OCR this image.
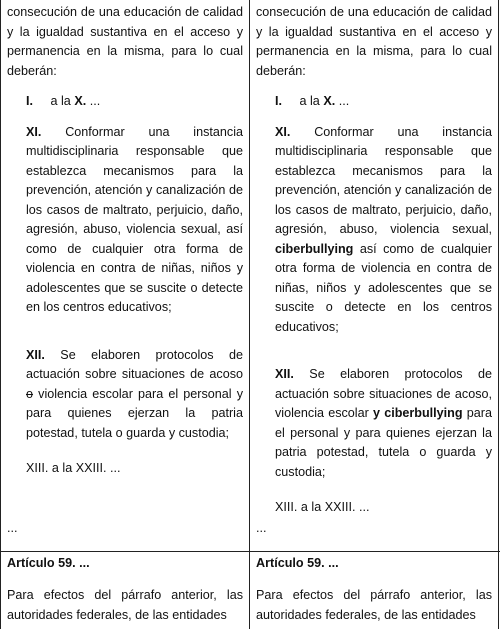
consecución de una educación de calidad y la igualdad sustantiva en el acceso y permanencia en la misma, para lo cual deberán:

I. a la X. ...

XI. Conformar una instancia multidisciplinaria responsable que establezca mecanismos para la prevención, atención y canalización de los casos de maltrato, perjuicio, daño, agresión, abuso, violencia sexual, así como de cualquier otra forma de violencia en contra de niñas, niños y adolescentes que se suscite o detecte en los centros educativos;

XII. Se elaboren protocolos de actuación sobre situaciones de acoso o violencia escolar para el personal y para quienes ejerzan la patria potestad, tutela o guarda y custodia;

XIII. a la XXIII. ...

...
Artículo 59. ...

Para efectos del párrafo anterior, las autoridades federales, de las entidades

consecución de una educación de calidad y la igualdad sustantiva en el acceso y permanencia en la misma, para lo cual deberán:

I. a la X. ...

XI. Conformar una instancia multidisciplinaria responsable que establezca mecanismos para la prevención, atención y canalización de los casos de maltrato, perjuicio, daño, agresión, abuso, violencia sexual, ciberbullying así como de cualquier otra forma de violencia en contra de niñas, niños y adolescentes que se suscite o detecte en los centros educativos;

XII. Se elaboren protocolos de actuación sobre situaciones de acoso, violencia escolar y ciberbullying para el personal y para quienes ejerzan la patria potestad, tutela o guarda y custodia;

XIII. a la XXIII. ...

...
Artículo 59. ...

Para efectos del párrafo anterior, las autoridades federales, de las entidades
